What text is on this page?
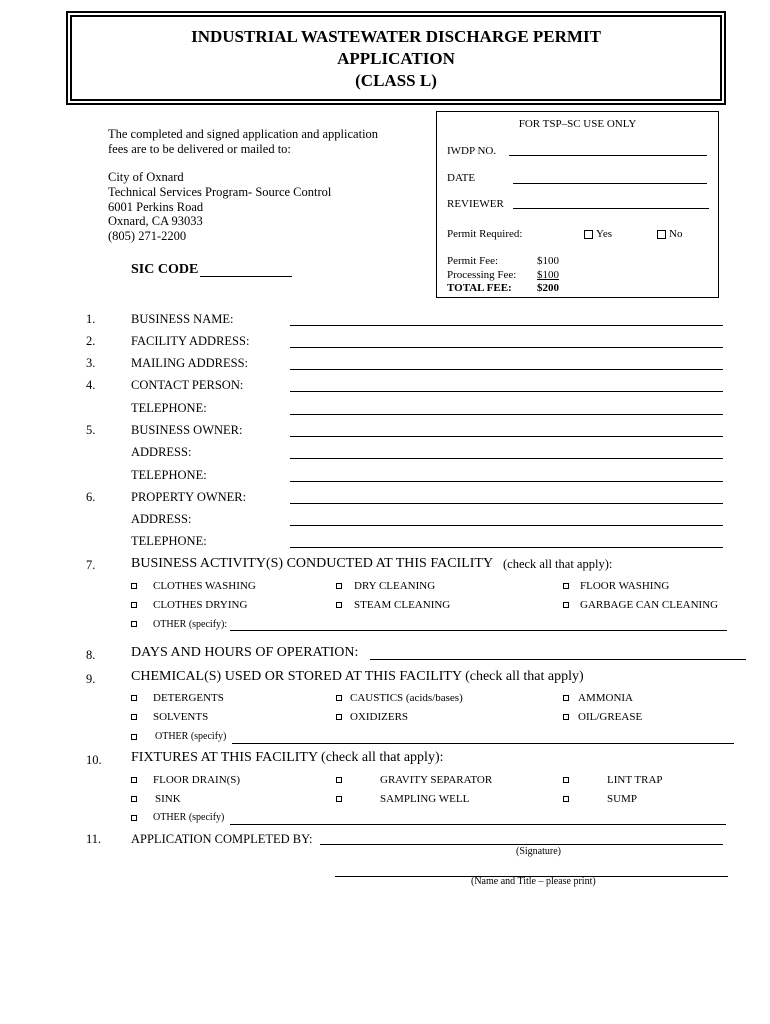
INDUSTRIAL WASTEWATER DISCHARGE PERMIT
APPLICATION
(CLASS L)
The completed and signed application and application
fees are to be delivered or mailed to:
City of Oxnard
Technical Services Program- Source Control
6001 Perkins Road
Oxnard, CA 93033
(805) 271-2200
SIC CODE
FOR TSP–SC USE ONLY
IWDP NO.
DATE
REVIEWER
Permit Required:	Yes	No
Permit Fee:	$100
Processing Fee: $100
TOTAL FEE: $200
1.	BUSINESS NAME:
2.	FACILITY ADDRESS:
3.	MAILING ADDRESS:
4.	CONTACT PERSON:
TELEPHONE:
5.	BUSINESS OWNER:
ADDRESS:
TELEPHONE:
6.	PROPERTY OWNER:
ADDRESS:
TELEPHONE:
7.	BUSINESS ACTIVITY(S) CONDUCTED AT THIS FACILITY (check all that apply):
CLOTHES WASHING	DRY CLEANING	FLOOR WASHING
CLOTHES DRYING	STEAM CLEANING	GARBAGE CAN CLEANING
OTHER (specify):
8.	DAYS AND HOURS OF OPERATION:
9.	CHEMICAL(S) USED OR STORED AT THIS FACILITY (check all that apply)
DETERGENTS	CAUSTICS (acids/bases)	AMMONIA
SOLVENTS	OXIDIZERS	OIL/GREASE
OTHER (specify)
10. FIXTURES AT THIS FACILITY (check all that apply):
FLOOR DRAIN(S)	GRAVITY SEPARATOR	LINT TRAP
SINK	SAMPLING WELL	SUMP
OTHER (specify)
11. APPLICATION COMPLETED BY:
(Signature)
(Name and Title – please print)
